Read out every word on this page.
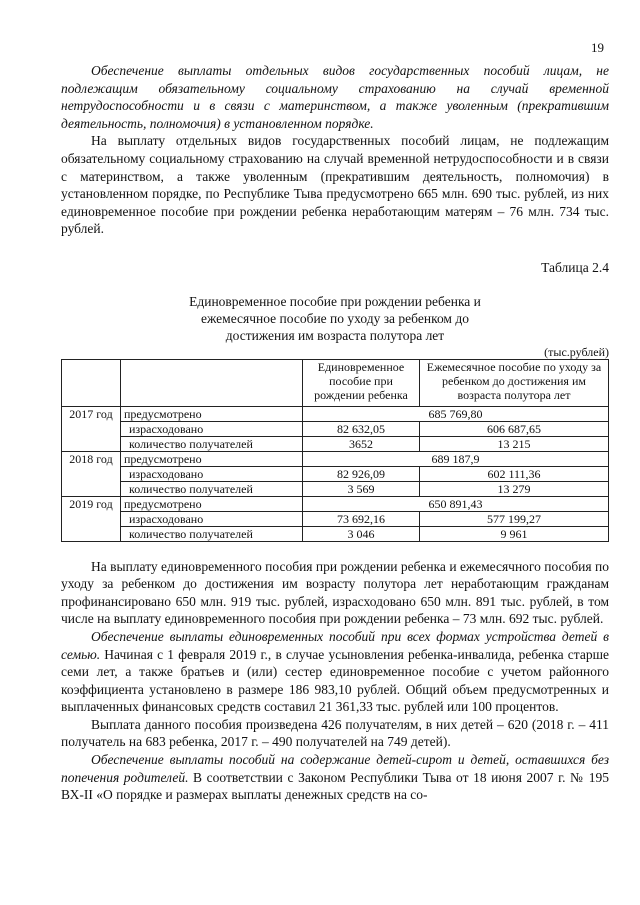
19

Обеспечение выплаты отдельных видов государственных пособий лицам, не подлежащим обязательному социальному страхованию на случай временной нетрудоспособности и в связи с материнством, а также уволенным (прекратившим деятельность, полномочия) в установленном порядке.

На выплату отдельных видов государственных пособий лицам, не подлежащим обязательному социальному страхованию на случай временной нетрудоспособности и в связи с материнством, а также уволенным (прекратившим деятельность, полномочия) в установленном порядке, по Республике Тыва предусмотрено 665 млн. 690 тыс. рублей, из них единовременное пособие при рождении ребенка неработающим матерям – 76 млн. 734 тыс. рублей.

Таблица 2.4
Единовременное пособие при рождении ребенка и
ежемесячное пособие по уходу за ребенком до
достижения им возраста полутора лет
(тыс.рублей)
		Единовременное пособие при рождении ребенка	Ежемесячное пособие по уходу за ребенком до достижения им возраста полутора лет
2017 год	предусмотрено	685 769,80	
	израсходовано	82 632,05	606 687,65
	количество получателей	3652	13 215
2018 год	предусмотрено	689 187,9	
	израсходовано	82 926,09	602 111,36
	количество получателей	3 569	13 279
2019 год	предусмотрено	650 891,43	
	израсходовано	73 692,16	577 199,27
	количество получателей	3 046	9 961

На выплату единовременного пособия при рождении ребенка и ежемесячного пособия по уходу за ребенком до достижения им возрасту полутора лет неработающим гражданам профинансировано 650 млн. 919 тыс. рублей, израсходовано 650 млн. 891 тыс. рублей, в том числе на выплату единовременного пособия при рождении ребенка – 73 млн. 692 тыс. рублей.

Обеспечение выплаты единовременных пособий при всех формах устройства детей в семью. Начиная с 1 февраля 2019 г., в случае усыновления ребенка-инвалида, ребенка старше семи лет, а также братьев и (или) сестер единовременное пособие с учетом районного коэффициента установлено в размере 186 983,10 рублей. Общий объем предусмотренных и выплаченных финансовых средств составил 21 361,33 тыс. рублей или 100 процентов.

Выплата данного пособия произведена 426 получателям, в них детей – 620 (2018 г. – 411 получатель на 683 ребенка, 2017 г. – 490 получателей на 749 детей).

Обеспечение выплаты пособий на содержание детей-сирот и детей, оставшихся без попечения родителей. В соответствии с Законом Республики Тыва от 18 июня 2007 г. № 195 ВХ-II «О порядке и размерах выплаты денежных средств на со-
